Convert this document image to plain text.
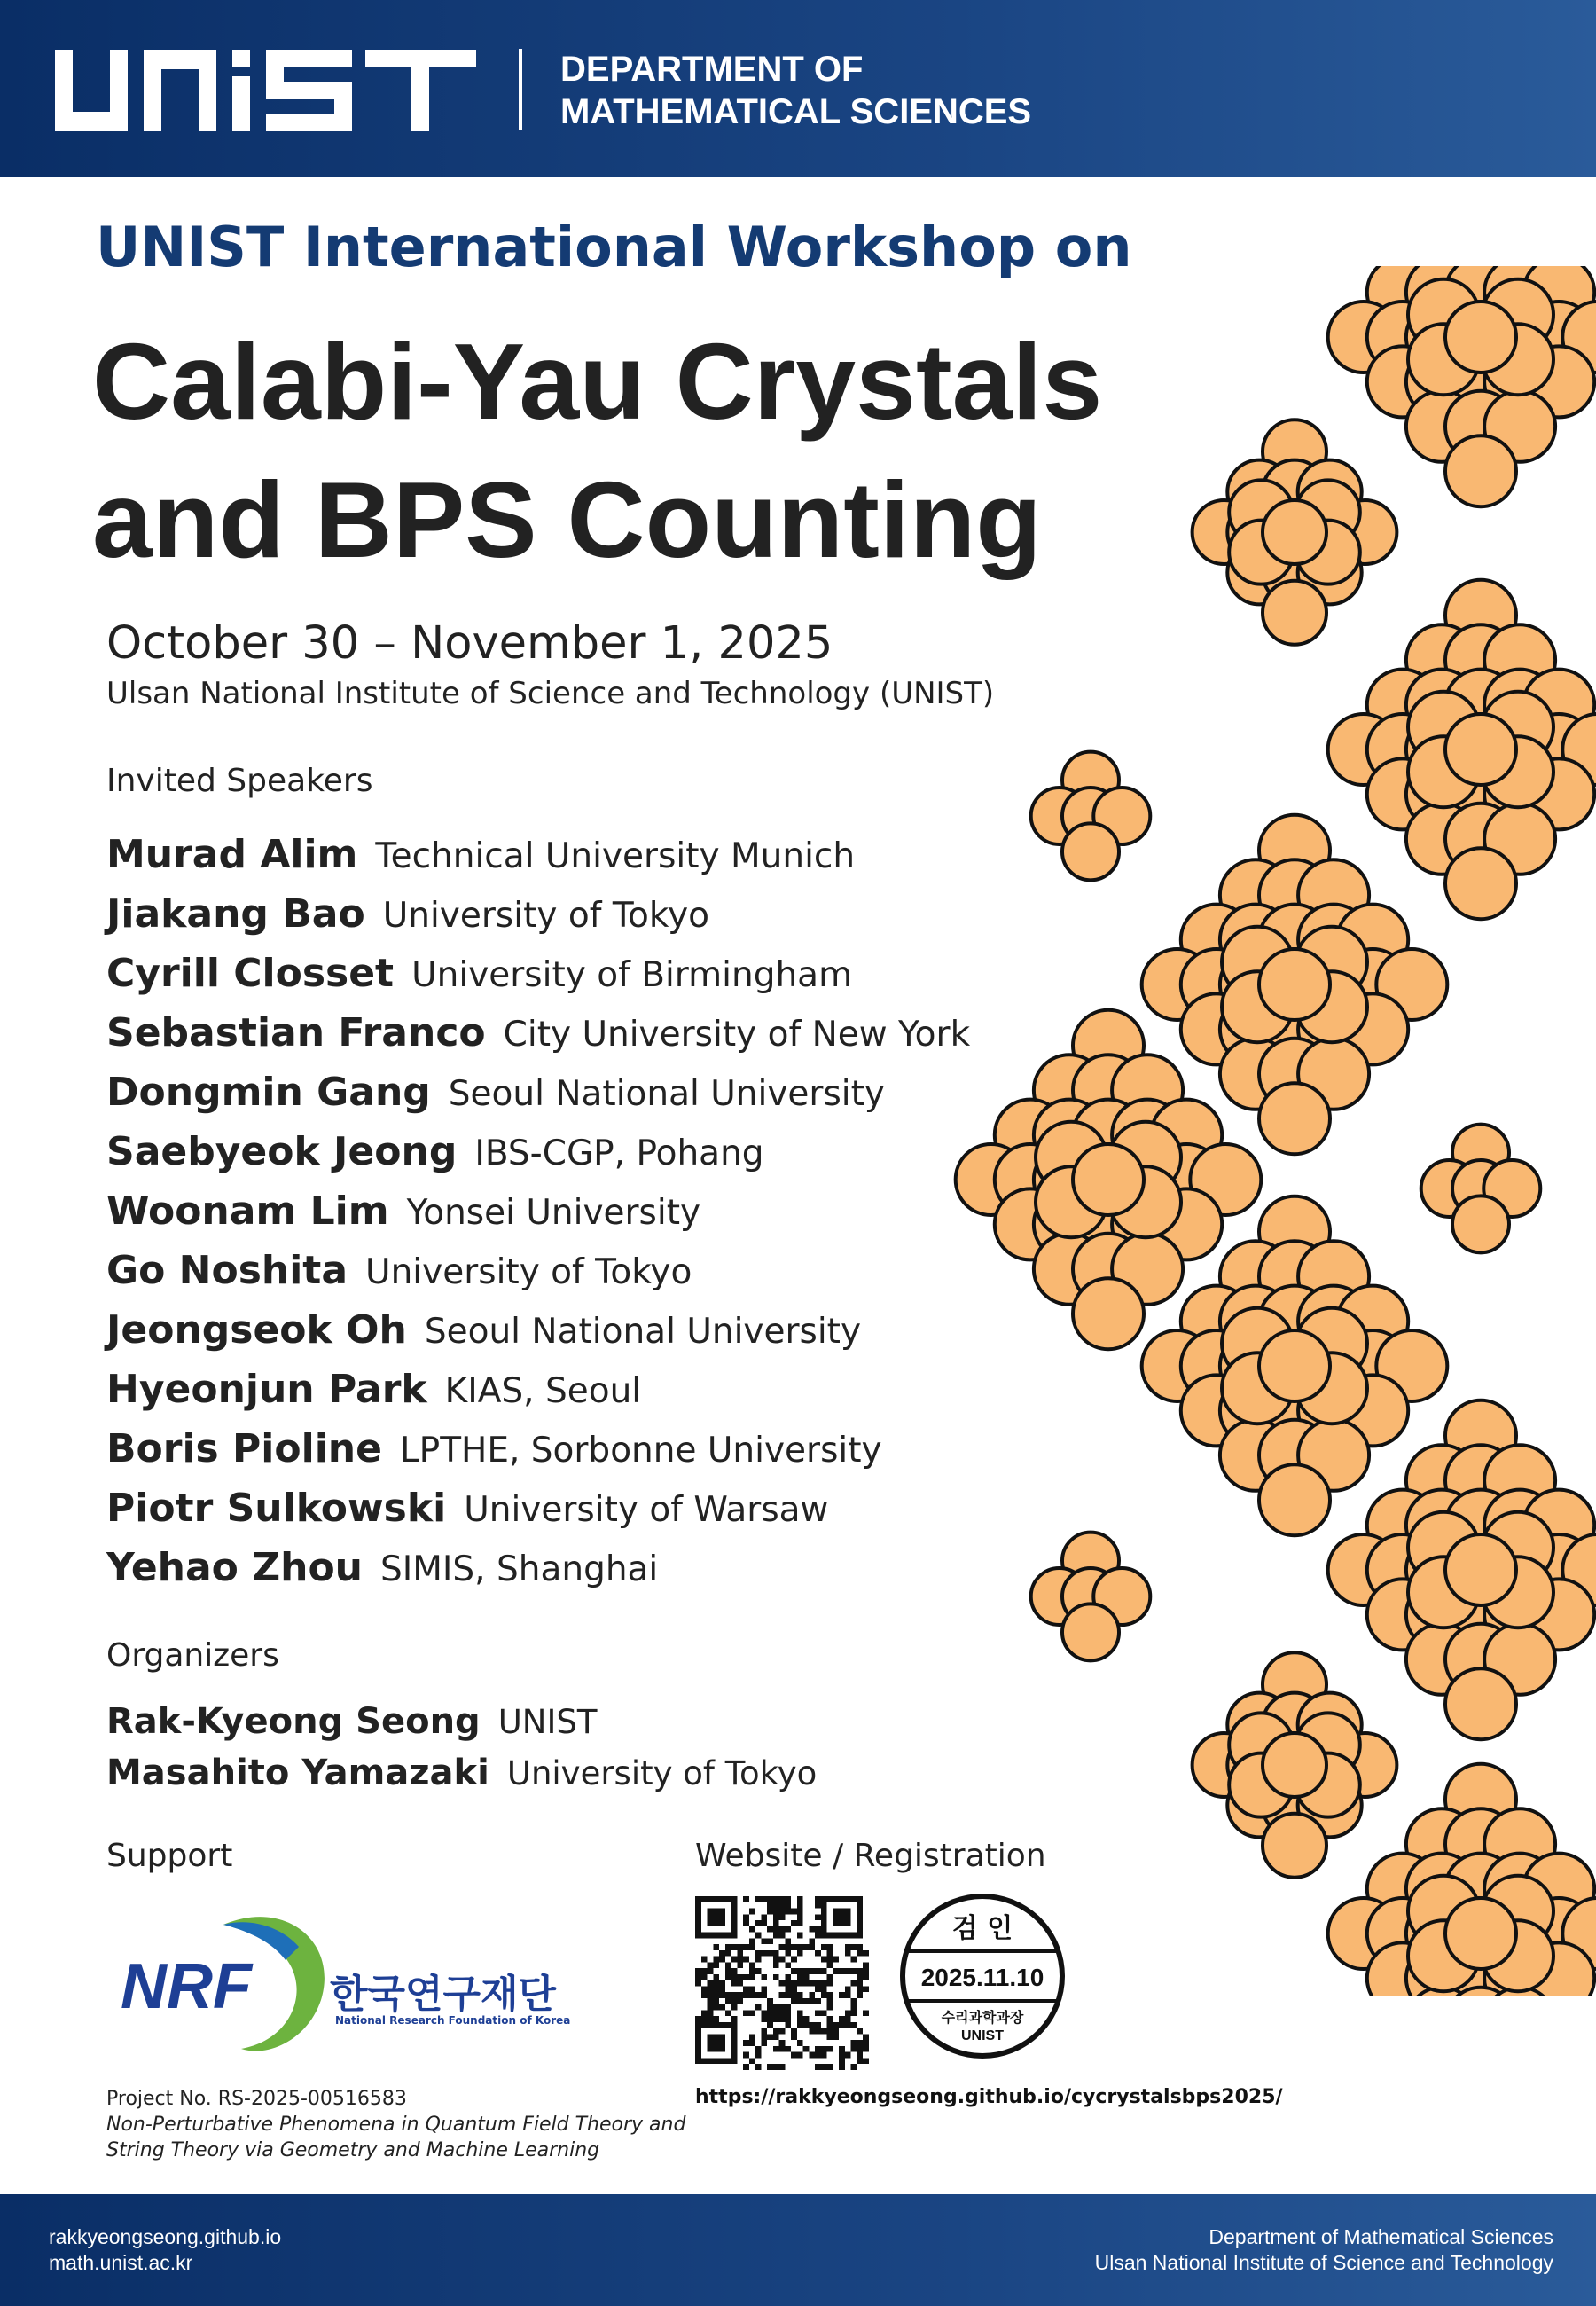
DEPARTMENT OF
MATHEMATICAL SCIENCES
UNIST International Workshop on
Calabi-Yau Crystals
and BPS Counting
October 30 – November 1, 2025
Ulsan National Institute of Science and Technology (UNIST)
Invited Speakers
Murad Alim Technical University Munich
Jiakang Bao University of Tokyo
Cyrill Closset University of Birmingham
Sebastian Franco City University of New York
Dongmin Gang Seoul National University
Saebyeok Jeong IBS-CGP, Pohang
Woonam Lim Yonsei University
Go Noshita University of Tokyo
Jeongseok Oh Seoul National University
Hyeonjun Park KIAS, Seoul
Boris Pioline LPTHE, Sorbonne University
Piotr Sulkowski University of Warsaw
Yehao Zhou SIMIS, Shanghai
Organizers
Rak-Kyeong Seong UNIST
Masahito Yamazaki University of Tokyo
Support
NRF 한국연구재단
National Research Foundation of Korea
Project No. RS-2025-00516583
Non-Perturbative Phenomena in Quantum Field Theory and
String Theory via Geometry and Machine Learning
Website / Registration
검 인
2025.11.10
수리과학과장
UNIST
https://rakkyeongseong.github.io/cycrystalsbps2025/
rakkyeongseong.github.io
math.unist.ac.kr
Department of Mathematical Sciences
Ulsan National Institute of Science and Technology
